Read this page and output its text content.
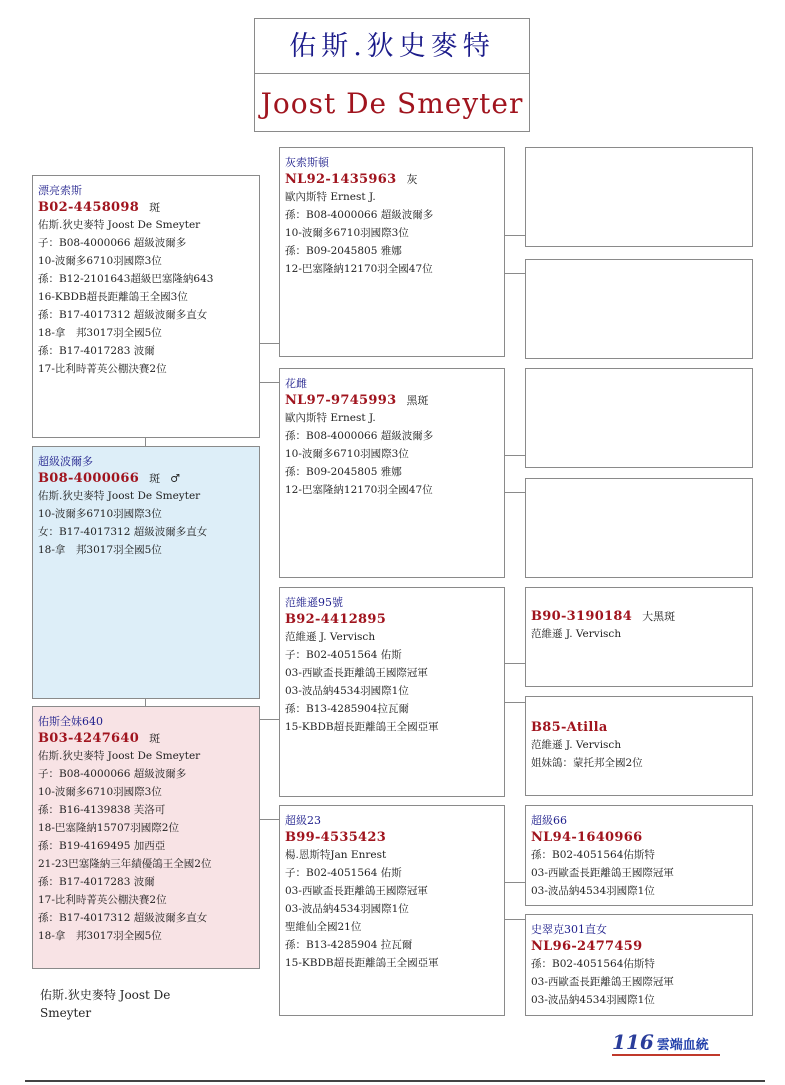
佑斯.狄史麥特
Joost De Smeyter
漂亮索斯
B02-4458098 斑
佑斯.狄史麥特 Joost De Smeyter
子：B08-4000066 超級波爾多
10-波爾多6710羽國際3位
孫：B12-2101643超級巴塞隆納643
16-KBDB超長距離鴿王全國3位
孫：B17-4017312 超級波爾多直女
18-拿　邦3017羽全國5位
孫：B17-4017283 波爾
17-比利時菁英公棚決賽2位
超級波爾多
B08-4000066 斑 ♂
佑斯.狄史麥特 Joost De Smeyter
10-波爾多6710羽國際3位
女：B17-4017312 超級波爾多直女
18-拿　邦3017羽全國5位
佑斯全妹640
B03-4247640 斑
佑斯.狄史麥特 Joost De Smeyter
子：B08-4000066 超級波爾多
10-波爾多6710羽國際3位
孫：B16-4139838 芙洛可
18-巴塞隆納15707羽國際2位
孫：B19-4169495 加西亞
21-23巴塞隆納三年績優鴿王全國2位
孫：B17-4017283 波爾
17-比利時菁英公棚決賽2位
孫：B17-4017312 超級波爾多直女
18-拿　邦3017羽全國5位
灰索斯頓
NL92-1435963 灰
歐內斯特 Ernest J.
孫：B08-4000066 超級波爾多
10-波爾多6710羽國際3位
孫：B09-2045805 雅娜
12-巴塞隆納12170羽全國47位
花雌
NL97-9745993 黑斑
歐內斯特 Ernest J.
孫：B08-4000066 超級波爾多
10-波爾多6710羽國際3位
孫：B09-2045805 雅娜
12-巴塞隆納12170羽全國47位
范維遜95號
B92-4412895
范維遜 J. Vervisch
子：B02-4051564 佑斯
03-西歐盃長距離鴿王國際冠軍
03-波品納4534羽國際1位
孫：B13-4285904拉瓦爾
15-KBDB超長距離鴿王全國亞軍
超級23
B99-4535423
楊.恩斯特Jan Enrest
子：B02-4051564 佑斯
03-西歐盃長距離鴿王國際冠軍
03-波品納4534羽國際1位
聖維仙全國21位
孫：B13-4285904 拉瓦爾
15-KBDB超長距離鴿王全國亞軍
B90-3190184 大黑斑
范維遜 J. Vervisch
B85-Atilla
范維遜 J. Vervisch
姐妹鴿：蒙托邦全國2位
超級66
NL94-1640966
孫：B02-4051564佑斯特
03-西歐盃長距離鴿王國際冠軍
03-波品納4534羽國際1位
史翠克301直女
NL96-2477459
孫：B02-4051564佑斯特
03-西歐盃長距離鴿王國際冠軍
03-波品納4534羽國際1位
佑斯.狄史麥特 Joost De Smeyter
116 雲端血統
